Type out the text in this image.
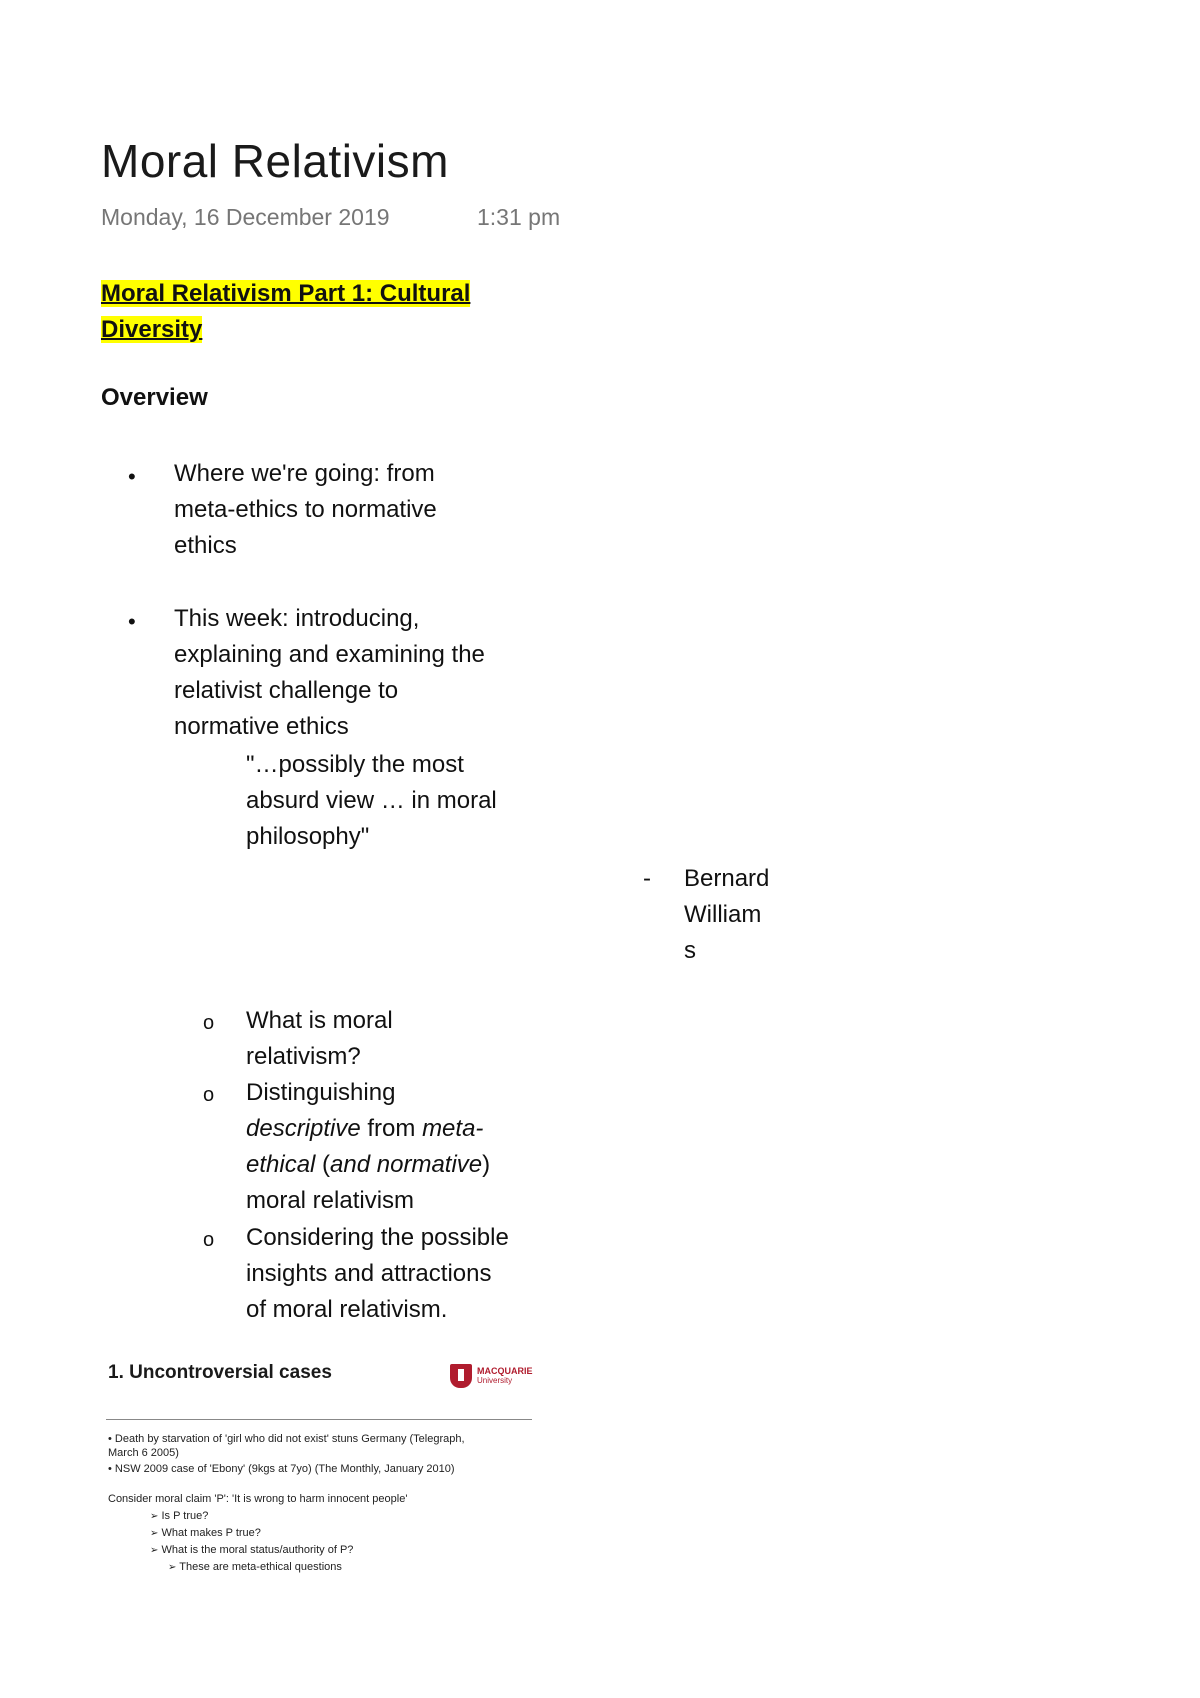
Moral Relativism
Monday, 16 December 2019	1:31 pm
Moral Relativism Part 1: Cultural
Diversity
Overview
• Where we're going: from
meta-ethics to normative
ethics
• This week: introducing,
explaining and examining the
relativist challenge to
normative ethics
"…possibly the most
absurd view … in moral
philosophy"
- Bernard
William
s
o What is moral
relativism?
o Distinguishing
descriptive from meta-
ethical (and normative)
moral relativism
o Considering the possible
insights and attractions
of moral relativism.
1. Uncontroversial cases	MACQUARIE
University
• Death by starvation of 'girl who did not exist' stuns Germany (Telegraph,
March 6 2005)
• NSW 2009 case of 'Ebony' (9kgs at 7yo) (The Monthly, January 2010)
Consider moral claim 'P': 'It is wrong to harm innocent people'
➢ Is P true?
➢ What makes P true?
➢ What is the moral status/authority of P?
➢ These are meta-ethical questions
